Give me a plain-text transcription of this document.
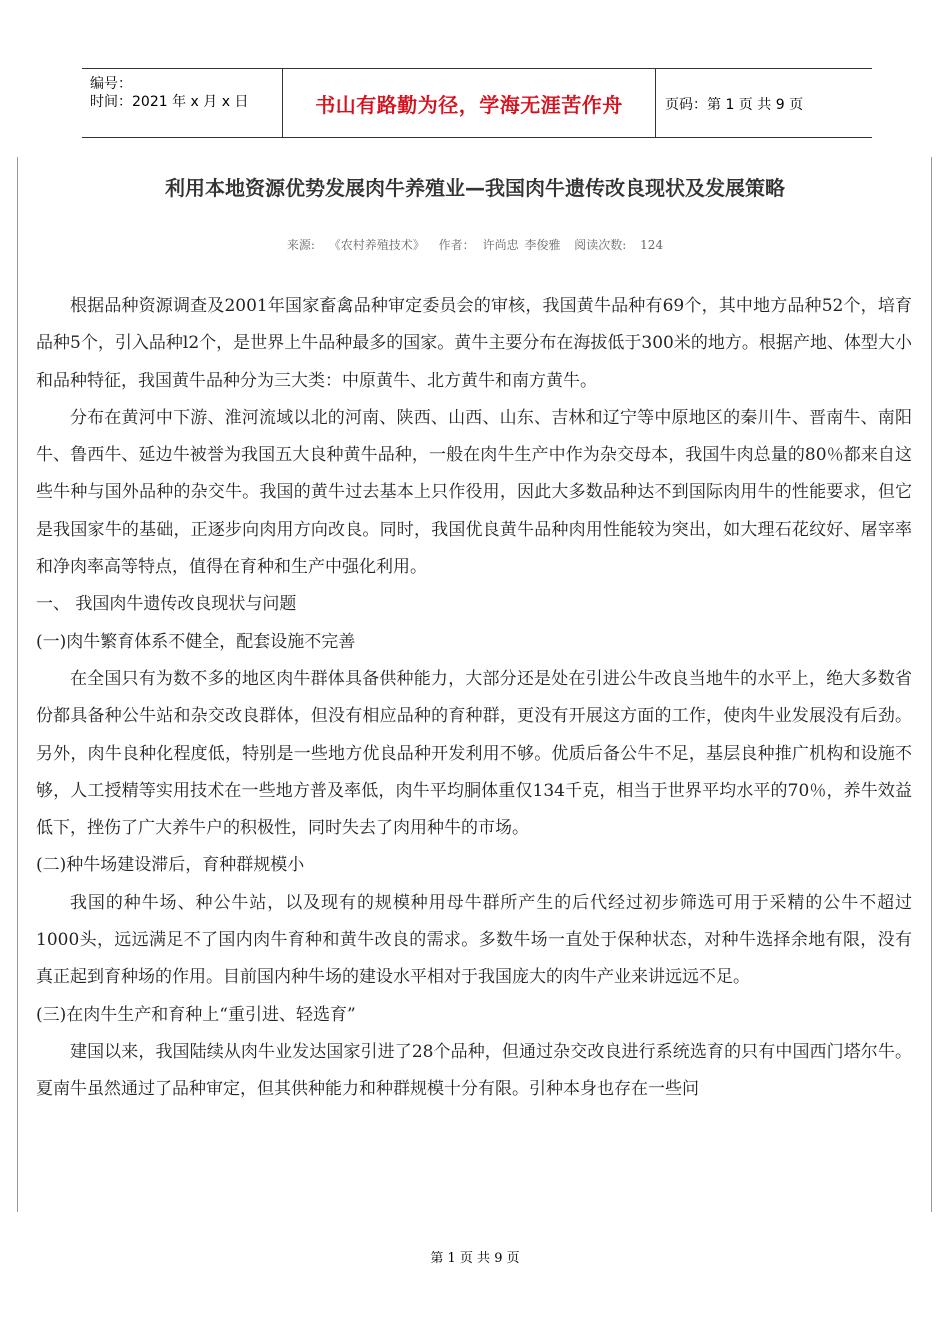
编号：
时间：2021 年 x 月 x 日	书山有路勤为径，学海无涯苦作舟	页码：第 1 页 共 9 页
利用本地资源优势发展肉牛养殖业—我国肉牛遗传改良现状及发展策略
来源: 《农村养殖技术》 作者： 许尚忠 李俊雅 阅读次数: 124

根据品种资源调查及2001年国家畜禽品种审定委员会的审核，我国黄牛品种有69个，其中地方品种52个，培育品种5个，引入品种l2个，是世界上牛品种最多的国家。黄牛主要分布在海拔低于300米的地方。根据产地、体型大小和品种特征，我国黄牛品种分为三大类：中原黄牛、北方黄牛和南方黄牛。

分布在黄河中下游、淮河流域以北的河南、陕西、山西、山东、吉林和辽宁等中原地区的秦川牛、晋南牛、南阳牛、鲁西牛、延边牛被誉为我国五大良种黄牛品种，一般在肉牛生产中作为杂交母本，我国牛肉总量的80％都来自这些牛种与国外品种的杂交牛。我国的黄牛过去基本上只作役用，因此大多数品种达不到国际肉用牛的性能要求，但它是我国家牛的基础，正逐步向肉用方向改良。同时，我国优良黄牛品种肉用性能较为突出，如大理石花纹好、屠宰率和净肉率高等特点，值得在育种和生产中强化利用。

一、 我国肉牛遗传改良现状与问题
(一)肉牛繁育体系不健全，配套设施不完善

在全国只有为数不多的地区肉牛群体具备供种能力，大部分还是处在引进公牛改良当地牛的水平上，绝大多数省份都具备种公牛站和杂交改良群体，但没有相应品种的育种群，更没有开展这方面的工作，使肉牛业发展没有后劲。另外，肉牛良种化程度低，特别是一些地方优良品种开发利用不够。优质后备公牛不足，基层良种推广机构和设施不够，人工授精等实用技术在一些地方普及率低，肉牛平均胴体重仅134千克，相当于世界平均水平的70％，养牛效益低下，挫伤了广大养牛户的积极性，同时失去了肉用种牛的市场。

(二)种牛场建设滞后，育种群规模小

我国的种牛场、种公牛站，以及现有的规模种用母牛群所产生的后代经过初步筛选可用于采精的公牛不超过1000头，远远满足不了国内肉牛育种和黄牛改良的需求。多数牛场一直处于保种状态，对种牛选择余地有限，没有真正起到育种场的作用。目前国内种牛场的建设水平相对于我国庞大的肉牛产业来讲远远不足。

(三)在肉牛生产和育种上“重引进、轻选育”

建国以来，我国陆续从肉牛业发达国家引进了28个品种，但通过杂交改良进行系统选育的只有中国西门塔尔牛。夏南牛虽然通过了品种审定，但其供种能力和种群规模十分有限。引种本身也存在一些问

第 1 页 共 9 页
